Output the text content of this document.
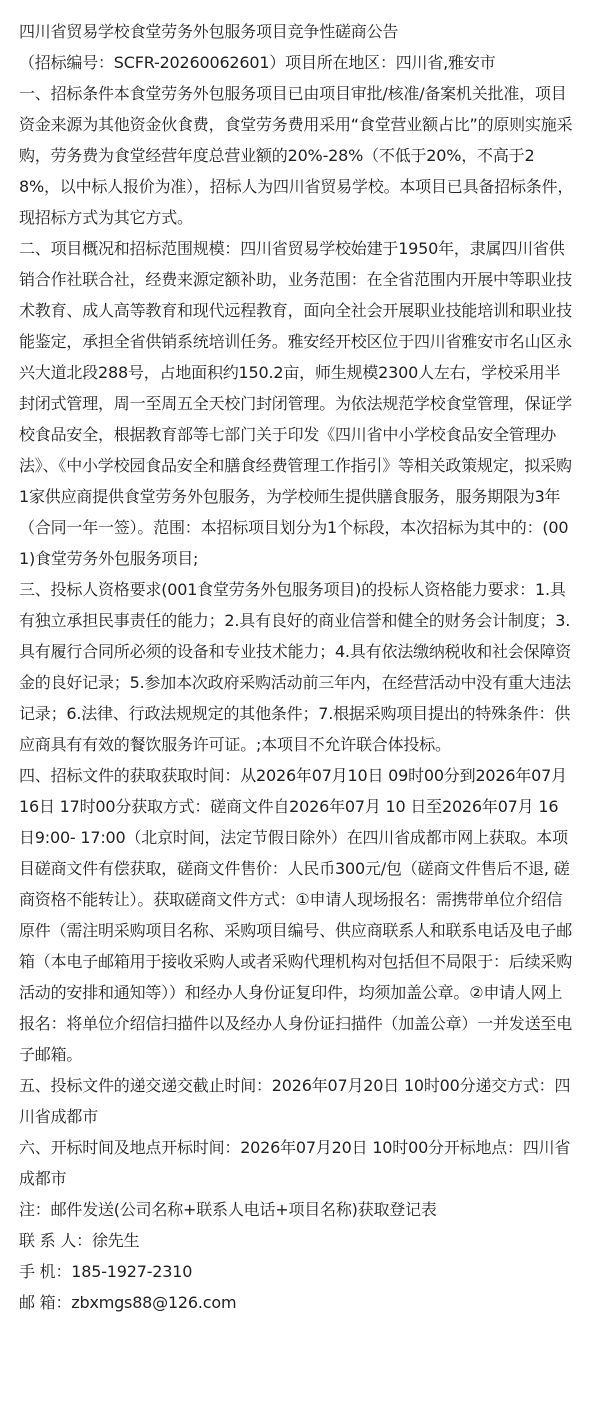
四川省贸易学校食堂劳务外包服务项目竞争性磋商公告

（招标编号：SCFR-20260062601）项目所在地区：四川省,雅安市

一、招标条件本食堂劳务外包服务项目已由项目审批/核准/备案机关批准，项目资金来源为其他资金伙食费，食堂劳务费用采用“食堂营业额占比”的原则实施采购，劳务费为食堂经营年度总营业额的20%-28%（不低于20%，不高于28%，以中标人报价为准），招标人为四川省贸易学校。本项目已具备招标条件，现招标方式为其它方式。

二、项目概况和招标范围规模：四川省贸易学校始建于1950年，隶属四川省供销合作社联合社，经费来源定额补助，业务范围：在全省范围内开展中等职业技术教育、成人高等教育和现代远程教育，面向全社会开展职业技能培训和职业技能鉴定，承担全省供销系统培训任务。雅安经开校区位于四川省雅安市名山区永兴大道北段288号，占地面积约150.2亩，师生规模2300人左右，学校采用半封闭式管理，周一至周五全天校门封闭管理。为依法规范学校食堂管理，保证学校食品安全，根据教育部等七部门关于印发《四川省中小学校食品安全管理办法》、《中小学校园食品安全和膳食经费管理工作指引》等相关政策规定，拟采购1家供应商提供食堂劳务外包服务，为学校师生提供膳食服务，服务期限为3年（合同一年一签）。范围：本招标项目划分为1个标段，本次招标为其中的：(001)食堂劳务外包服务项目;

三、投标人资格要求(001食堂劳务外包服务项目)的投标人资格能力要求：1.具有独立承担民事责任的能力；2.具有良好的商业信誉和健全的财务会计制度；3.具有履行合同所必须的设备和专业技术能力；4.具有依法缴纳税收和社会保障资金的良好记录；5.参加本次政府采购活动前三年内，在经营活动中没有重大违法记录；6.法律、行政法规规定的其他条件；7.根据采购项目提出的特殊条件：供应商具有有效的餐饮服务许可证。;本项目不允许联合体投标。

四、招标文件的获取获取时间：从2026年07月10日 09时00分到2026年07月16日 17时00分获取方式：磋商文件自2026年07月 10 日至2026年07月 16 日9:00- 17:00（北京时间，法定节假日除外）在四川省成都市网上获取。本项目磋商文件有偿获取，磋商文件售价：人民币300元/包（磋商文件售后不退, 磋商资格不能转让）。获取磋商文件方式：①申请人现场报名：需携带单位介绍信原件（需注明采购项目名称、采购项目编号、供应商联系人和联系电话及电子邮箱（本电子邮箱用于接收采购人或者采购代理机构对包括但不局限于：后续采购活动的安排和通知等））和经办人身份证复印件，均须加盖公章。②申请人网上报名：将单位介绍信扫描件以及经办人身份证扫描件（加盖公章）一并发送至电子邮箱。

五、投标文件的递交递交截止时间：2026年07月20日 10时00分递交方式：四川省成都市

六、开标时间及地点开标时间：2026年07月20日 10时00分开标地点：四川省成都市

注：邮件发送(公司名称+联系人电话+项目名称)获取登记表

联 系 人：徐先生

手 机：185-1927-2310

邮 箱：zbxmgs88@126.com
